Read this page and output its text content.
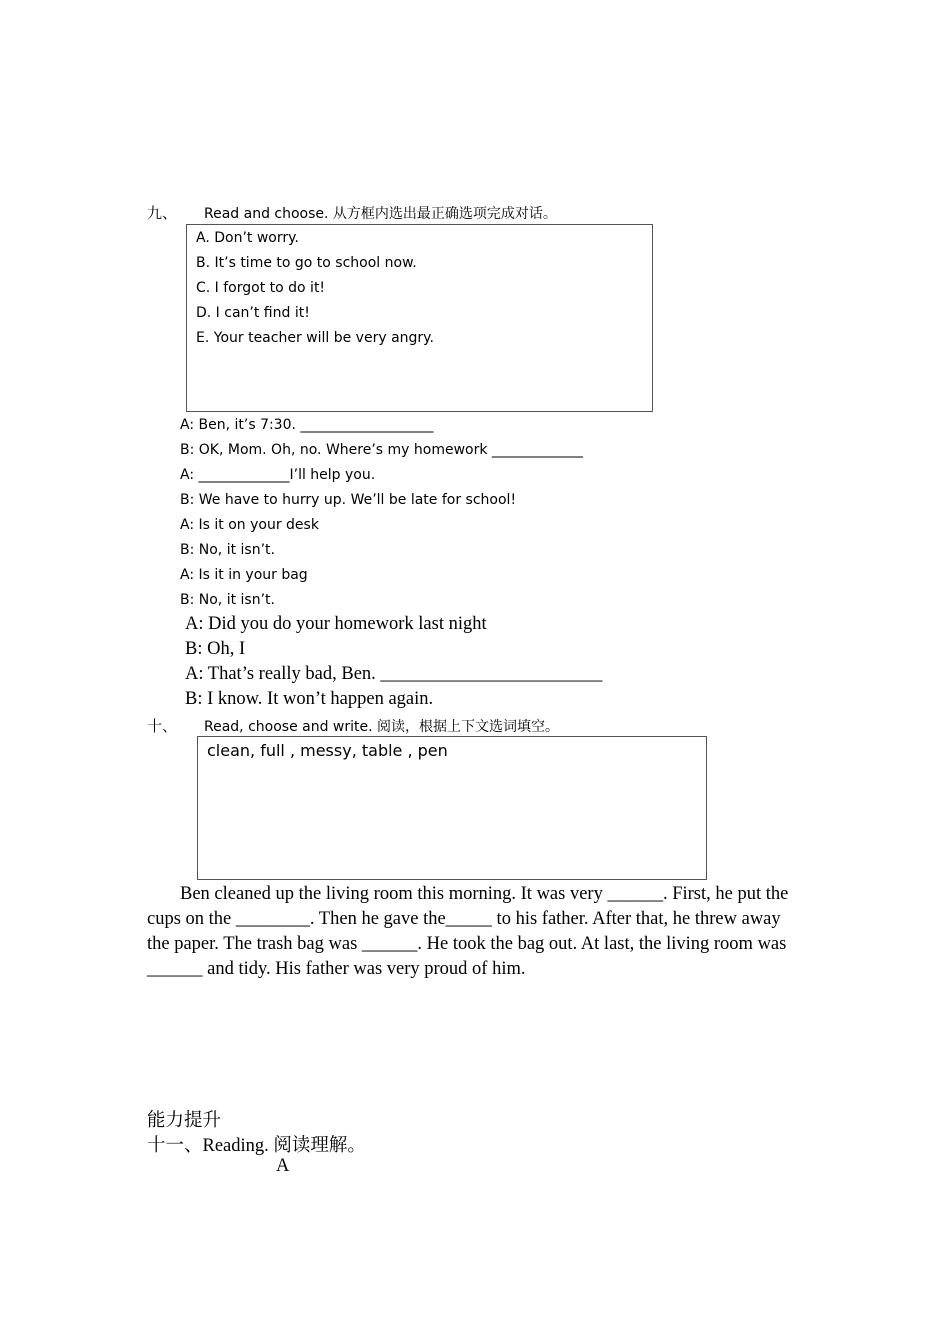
九、 Read and choose. 从方框内选出最正确选项完成对话。
A. Don’t worry.
B. It’s time to go to school now.
C. I forgot to do it!
D. I can’t find it!
E. Your teacher will be very angry.
A: Ben, it’s 7:30. ___________________
B: OK, Mom. Oh, no. Where’s my homework _____________
A: _____________I’ll help you.
B: We have to hurry up. We’ll be late for school!
A: Is it on your desk
B: No, it isn’t.
A: Is it in your bag
B: No, it isn’t.
A: Did you do your homework last night
B: Oh, I
A: That’s really bad, Ben. ________________________
B: I know. It won’t happen again.
十、 Read, choose and write. 阅读，根据上下文选词填空。
clean, full , messy, table , pen

Ben cleaned up the living room this morning. It was very ______. First, he put the cups on the ________. Then he gave the_____ to his father. After that, he threw away the paper. The trash bag was ______. He took the bag out. At last, the living room was ______ and tidy. His father was very proud of him.

能力提升
十一、Reading. 阅读理解。
A
